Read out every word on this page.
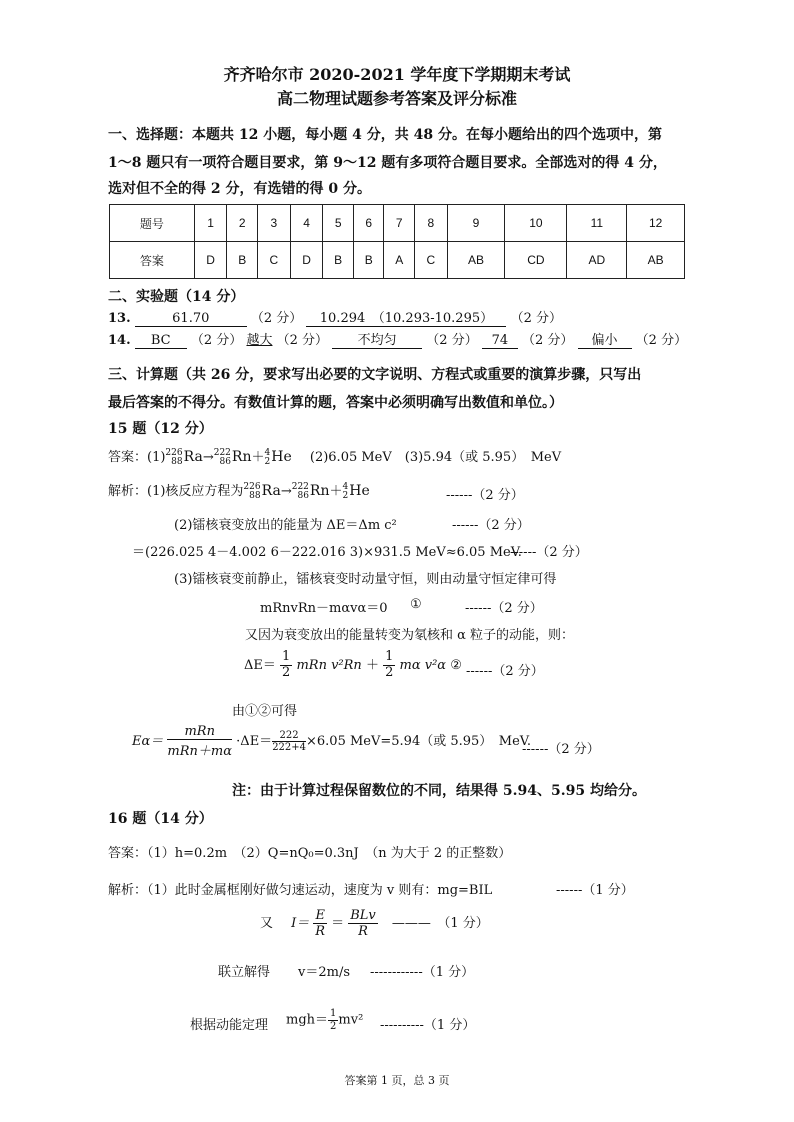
齐齐哈尔市 2020-2021 学年度下学期期末考试
高二物理试题参考答案及评分标准
一、选择题：本题共 12 小题，每小题 4 分，共 48 分。在每小题给出的四个选项中，第
1～8 题只有一项符合题目要求，第 9～12 题有多项符合题目要求。全部选对的得 4 分，
选对但不全的得 2 分，有选错的得 0 分。
题号	1	2	3	4	5	6	7	8	9	10	11	12
答案	D	B	C	D	B	B	A	C	AB	CD	AD	AB
二、实验题（14 分）
13.	61.70	（2 分） 10.294　（10.293-10.295） （2 分）
14. BC （2 分） 越大 （2 分） 不均匀 （2 分） 74 （2 分） 偏小 （2 分）
三、计算题（共 26 分，要求写出必要的文字说明、方程式或重要的演算步骤，只写出
最后答案的不得分。有数值计算的题，答案中必须明确写出数值和单位。）
15 题（12 分）
答案：(1)226
88Ra→222
86Rn＋4
2He (2)6.05 MeV　(3)5.94（或 5.95）　MeV
解析：(1)核反应方程为226
88Ra→222
86Rn＋4
2He	------（2 分）
(2)镭核衰变放出的能量为 ΔE＝Δm c²	------（2 分）
＝(226.025 4－4.002 6－222.016 3)×931.5 MeV≈6.05 MeV.
------（2 分）
(3)镭核衰变前静止，镭核衰变时动量守恒，则由动量守恒定律可得
mRnvRn－mαvα＝0 ①	------（2 分）
又因为衰变放出的能量转变为氡核和 α 粒子的动能，则：
$\Delta E= \frac{1}{2}$ mRn $v^2Rn + \frac{1}{2}$ mα v²α ② ------（2 分）
由①②可得
$E\alpha= \frac{\text{mRn}}{\text{mRn＋mα}} \cdot\Delta E= \frac{222}{222+4} \times 6.05$ MeV=5.94（或 5.95）　MeV.
------（2 分）
注：由于计算过程保留数位的不同，结果得 5.94、5.95 均给分。
16 题（14 分）
答案：（1）h=0.2m　（2）Q=nQ₀=0.3nJ　（n 为大于 2 的正整数）
解析：（1）此时金属框刚好做匀速运动，速度为 v 则有：mg=BIL	------（1 分）
又 $I= \frac{E}{R} = \frac{\text{BLv}}{R}$ ———　（1 分）
联立解得 v＝2m/s ------------（1 分）
根据动能定理 $mgh= \frac{1}{2} mv^2$ ----------（1 分）
答案第 1 页，总 3 页
